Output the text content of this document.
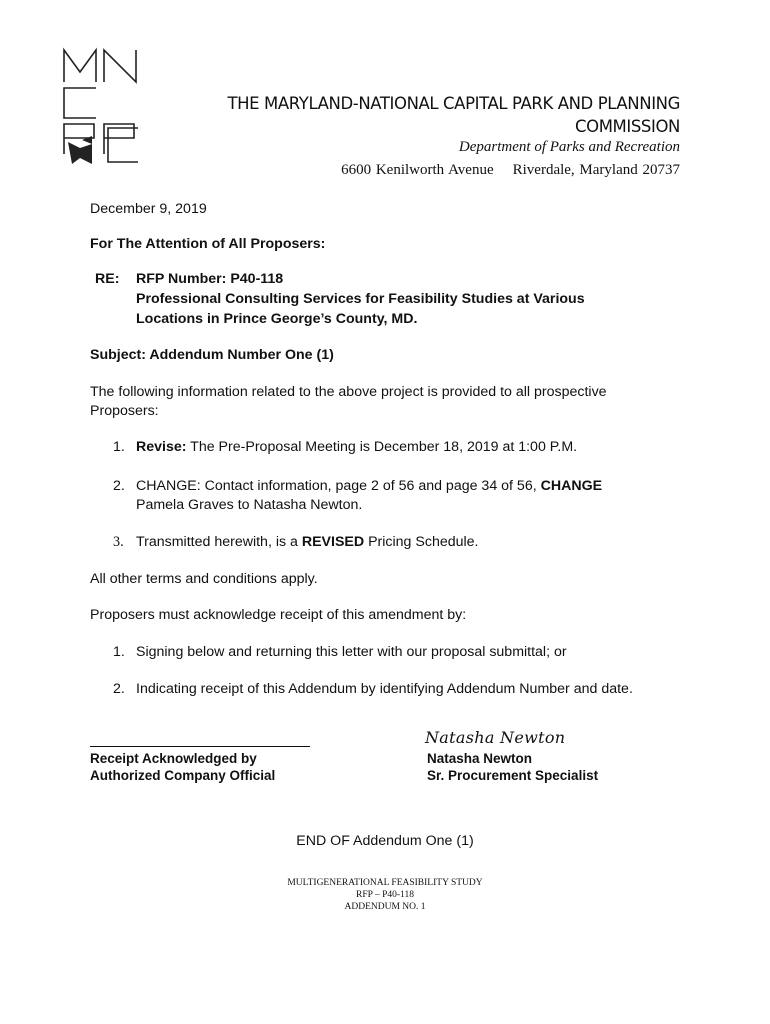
THE MARYLAND-NATIONAL CAPITAL PARK AND PLANNING
COMMISSION
Department of Parks and Recreation
6600 Kenilworth Avenue Riverdale, Maryland 20737
December 9, 2019
For The Attention of All Proposers:
RE: RFP Number: P40-118
Professional Consulting Services for Feasibility Studies at Various
Locations in Prince George’s County, MD.
Subject: Addendum Number One (1)
The following information related to the above project is provided to all prospective
Proposers:
1. Revise: The Pre-Proposal Meeting is December 18, 2019 at 1:00 P.M.
2. CHANGE: Contact information, page 2 of 56 and page 34 of 56, CHANGE
Pamela Graves to Natasha Newton.
3. Transmitted herewith, is a REVISED Pricing Schedule.
All other terms and conditions apply.
Proposers must acknowledge receipt of this amendment by:
1. Signing below and returning this letter with our proposal submittal; or
2. Indicating receipt of this Addendum by identifying Addendum Number and date.
Natasha Newton
Receipt Acknowledged by
Authorized Company Official
Natasha Newton
Sr. Procurement Specialist
END OF Addendum One (1)
MULTIGENERATIONAL FEASIBILITY STUDY
RFP – P40-118
ADDENDUM NO. 1
